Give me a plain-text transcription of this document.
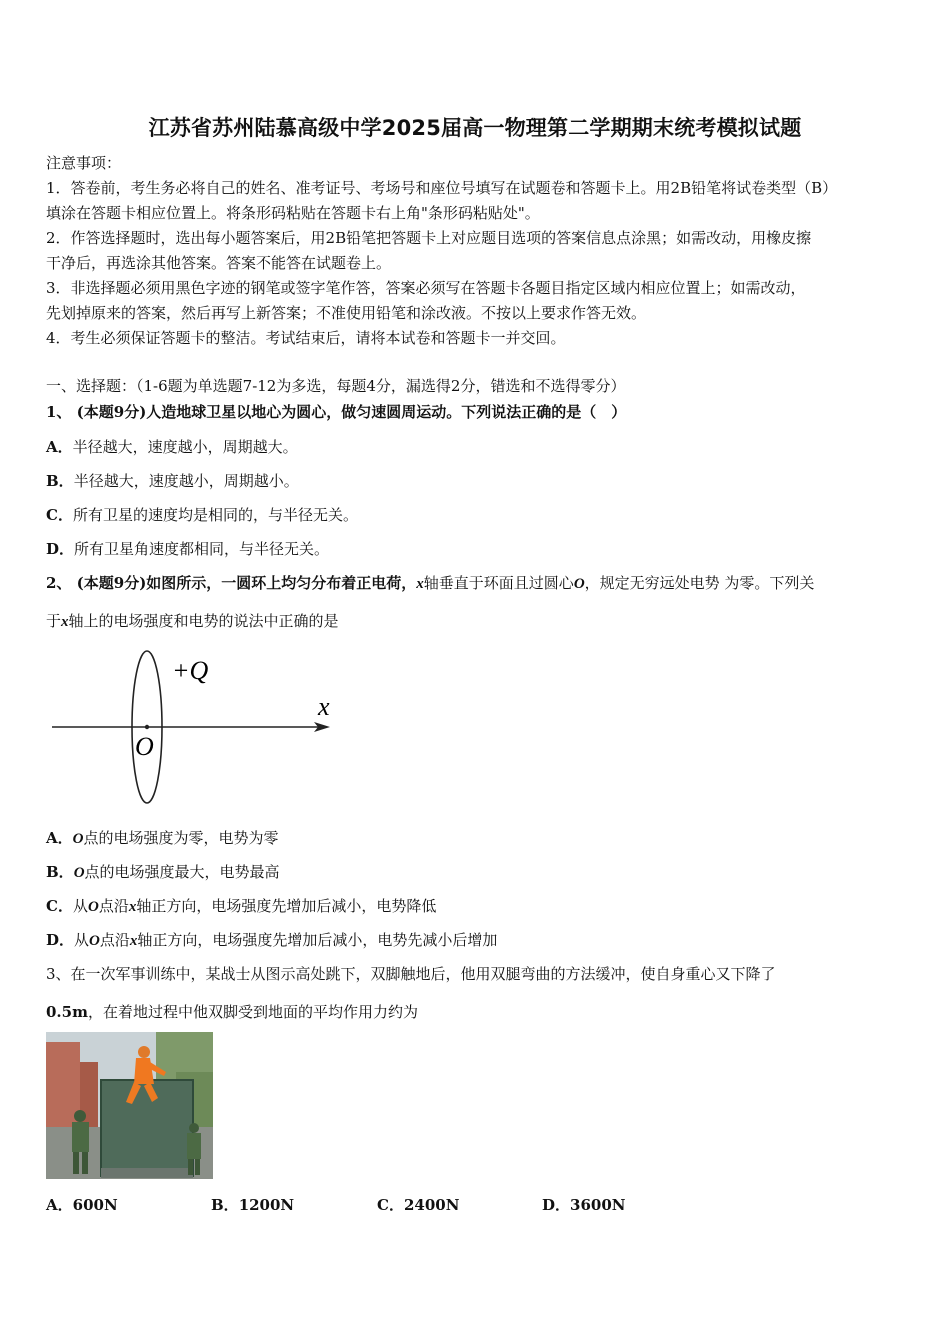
江苏省苏州陆慕高级中学2025届高一物理第二学期期末统考模拟试题
注意事项：
1．答卷前，考生务必将自己的姓名、准考证号、考场号和座位号填写在试题卷和答题卡上。用2B铅笔将试卷类型（B）
填涂在答题卡相应位置上。将条形码粘贴在答题卡右上角"条形码粘贴处"。
2．作答选择题时，选出每小题答案后，用2B铅笔把答题卡上对应题目选项的答案信息点涂黑；如需改动，用橡皮擦
干净后，再选涂其他答案。答案不能答在试题卷上。
3．非选择题必须用黑色字迹的钢笔或签字笔作答，答案必须写在答题卡各题目指定区域内相应位置上；如需改动，
先划掉原来的答案，然后再写上新答案；不准使用铅笔和涂改液。不按以上要求作答无效。
4．考生必须保证答题卡的整洁。考试结束后，请将本试卷和答题卡一并交回。
一、选择题：（1-6题为单选题7-12为多选，每题4分，漏选得2分，错选和不选得零分）
1、 (本题9分)人造地球卫星以地心为圆心，做匀速圆周运动。下列说法正确的是（　）
A．半径越大，速度越小，周期越大。
B．半径越大，速度越小，周期越小。
C．所有卫星的速度均是相同的，与半径无关。
D．所有卫星角速度都相同，与半径无关。
2、 (本题9分)如图所示，一圆环上均匀分布着正电荷，x轴垂直于环面且过圆心O，规定无穷远处电势 为零。下列关
于x轴上的电场强度和电势的说法中正确的是
+Q
x
O
A．O点的电场强度为零，电势为零
B．O点的电场强度最大，电势最高
C．从O点沿x轴正方向，电场强度先增加后减小，电势降低
D．从O点沿x轴正方向，电场强度先增加后减小，电势先减小后增加
3、在一次军事训练中，某战士从图示高处跳下，双脚触地后，他用双腿弯曲的方法缓冲，使自身重心又下降了
0.5m，在着地过程中他双脚受到地面的平均作用力约为
A．600N	B．1200N	C．2400N	D．3600N
